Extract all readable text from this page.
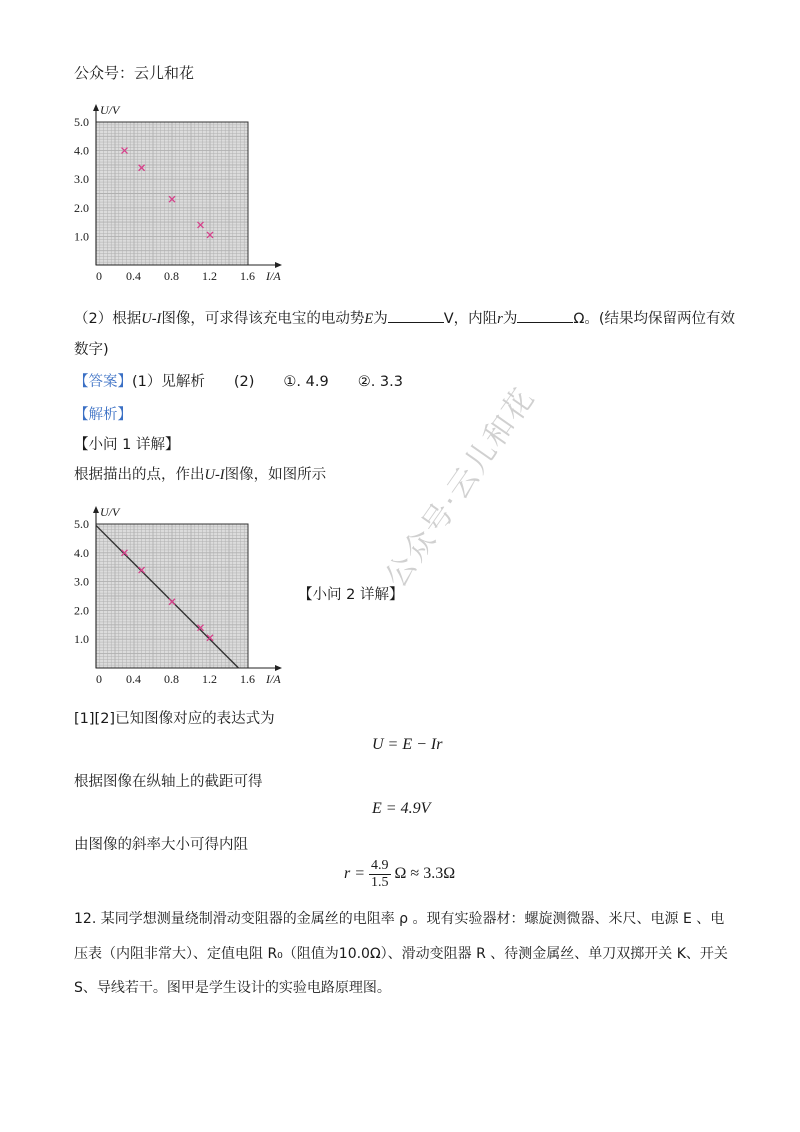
公众号·云儿和花
公众号：云儿和花
0 0.4 0.8 1.2 1.6
1.0
2.0
3.0
4.0
5.0
I/A
U/V
（2）根据U-I图像，可求得该充电宝的电动势E为	V，内阻r为	Ω。(结果均保留两位有效
数字)
【答案】(1）见解析　　(2)　　①. 4.9　　②. 3.3
【解析】
【小问 1 详解】
根据描出的点，作出U-I图像，如图所示
0 0.4 0.8 1.2 1.6
1.0
2.0
3.0
4.0
5.0
I/A
U/V
【小问 2 详解】
[1][2]已知图像对应的表达式为
U = E − Ir
根据图像在纵轴上的截距可得
E = 4.9V
由图像的斜率大小可得内阻
$r = \frac{4.9}{1.5}$ Ω ≈ 3.3Ω
12. 某同学想测量绕制滑动变阻器的金属丝的电阻率 ρ 。现有实验器材：螺旋测微器、米尺、电源 E 、电
压表（内阻非常大）、定值电阻 R₀（阻值为10.0Ω）、滑动变阻器 R 、待测金属丝、单刀双掷开关 K、开关
S、导线若干。图甲是学生设计的实验电路原理图。
